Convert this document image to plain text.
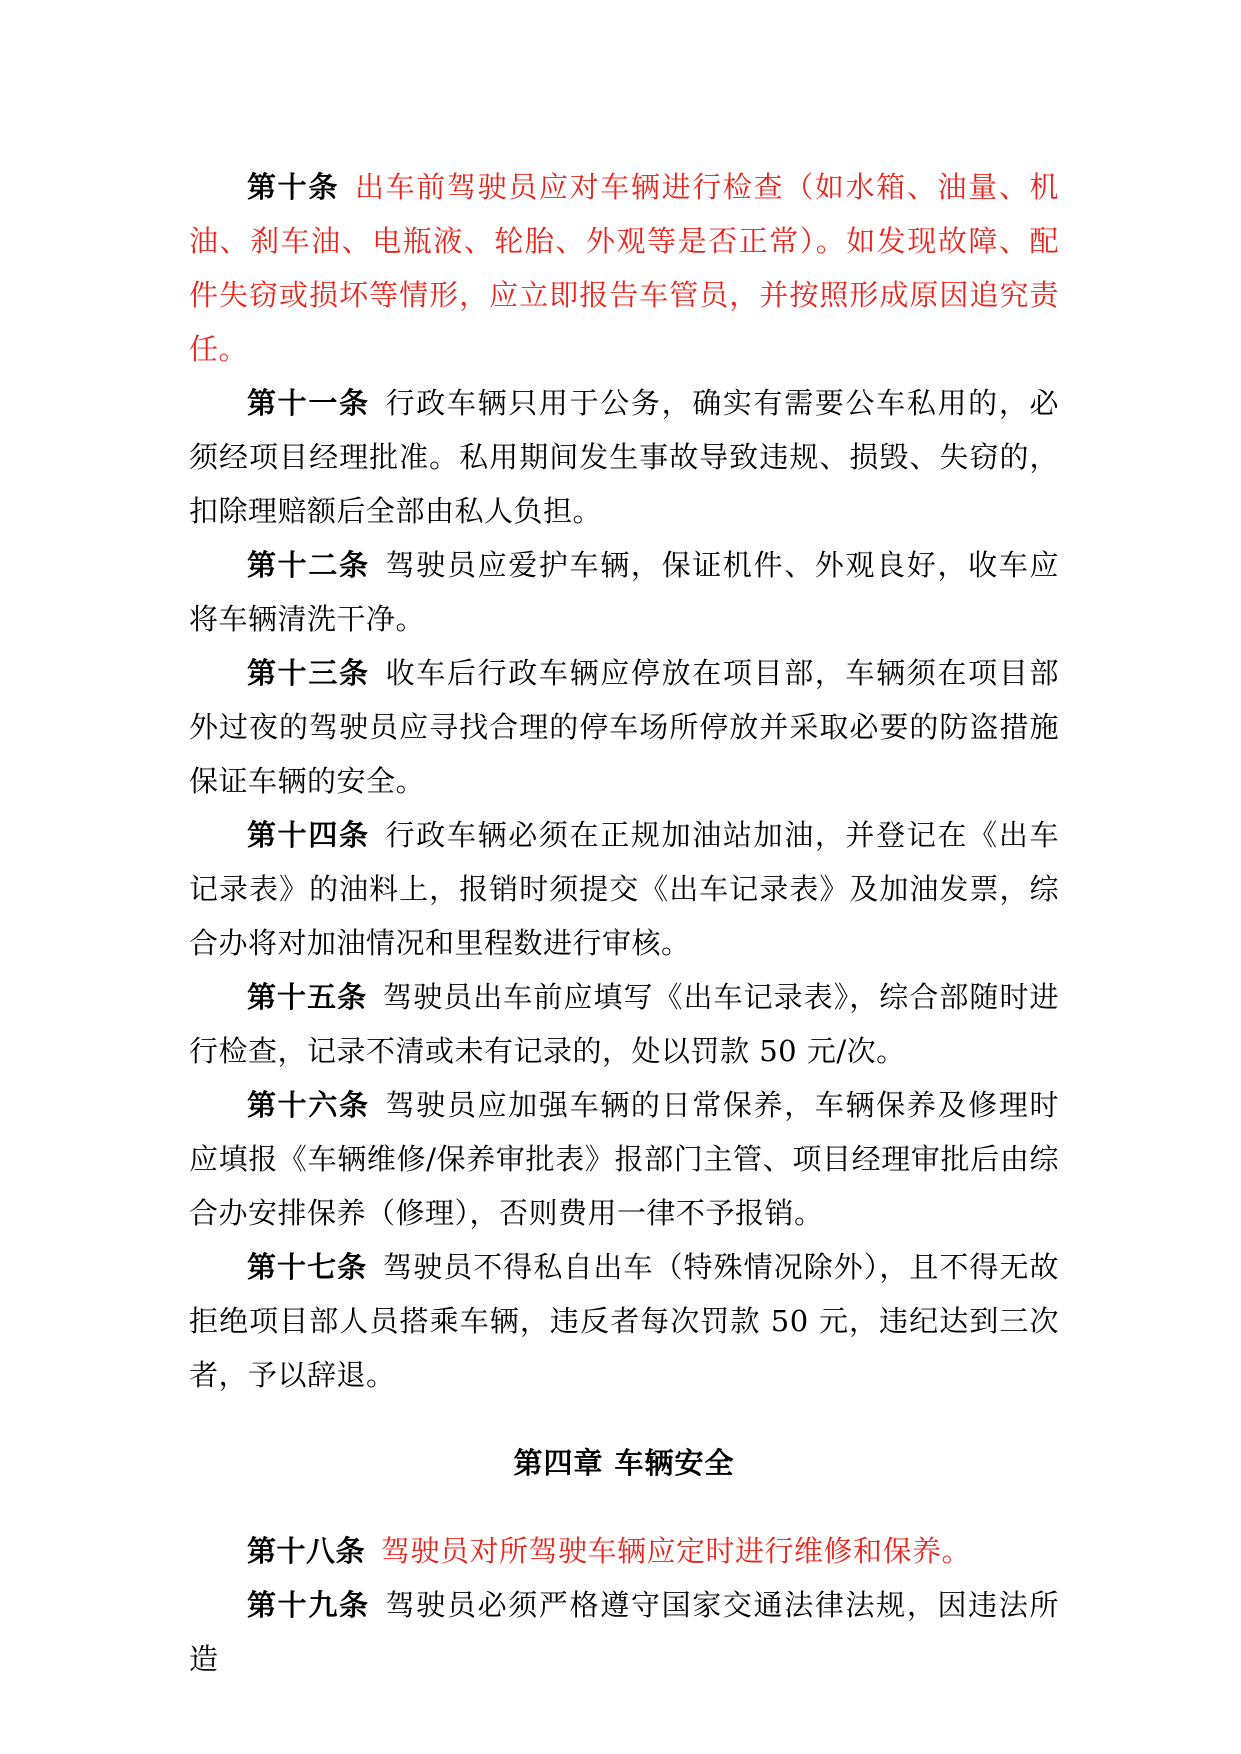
第十条 出车前驾驶员应对车辆进行检查（如水箱、油量、机油、刹车油、电瓶液、轮胎、外观等是否正常）。如发现故障、配件失窃或损坏等情形，应立即报告车管员，并按照形成原因追究责任。

第十一条 行政车辆只用于公务，确实有需要公车私用的，必须经项目经理批准。私用期间发生事故导致违规、损毁、失窃的，扣除理赔额后全部由私人负担。

第十二条 驾驶员应爱护车辆，保证机件、外观良好，收车应将车辆清洗干净。

第十三条 收车后行政车辆应停放在项目部，车辆须在项目部外过夜的驾驶员应寻找合理的停车场所停放并采取必要的防盗措施保证车辆的安全。

第十四条 行政车辆必须在正规加油站加油，并登记在《出车记录表》的油料上，报销时须提交《出车记录表》及加油发票，综合办将对加油情况和里程数进行审核。

第十五条 驾驶员出车前应填写《出车记录表》，综合部随时进行检查，记录不清或未有记录的，处以罚款 50 元/次。

第十六条 驾驶员应加强车辆的日常保养，车辆保养及修理时应填报《车辆维修/保养审批表》报部门主管、项目经理审批后由综合办安排保养（修理），否则费用一律不予报销。

第十七条 驾驶员不得私自出车（特殊情况除外），且不得无故拒绝项目部人员搭乘车辆，违反者每次罚款 50 元，违纪达到三次者，予以辞退。

第四章 车辆安全

第十八条 驾驶员对所驾驶车辆应定时进行维修和保养。

第十九条 驾驶员必须严格遵守国家交通法律法规，因违法所造
